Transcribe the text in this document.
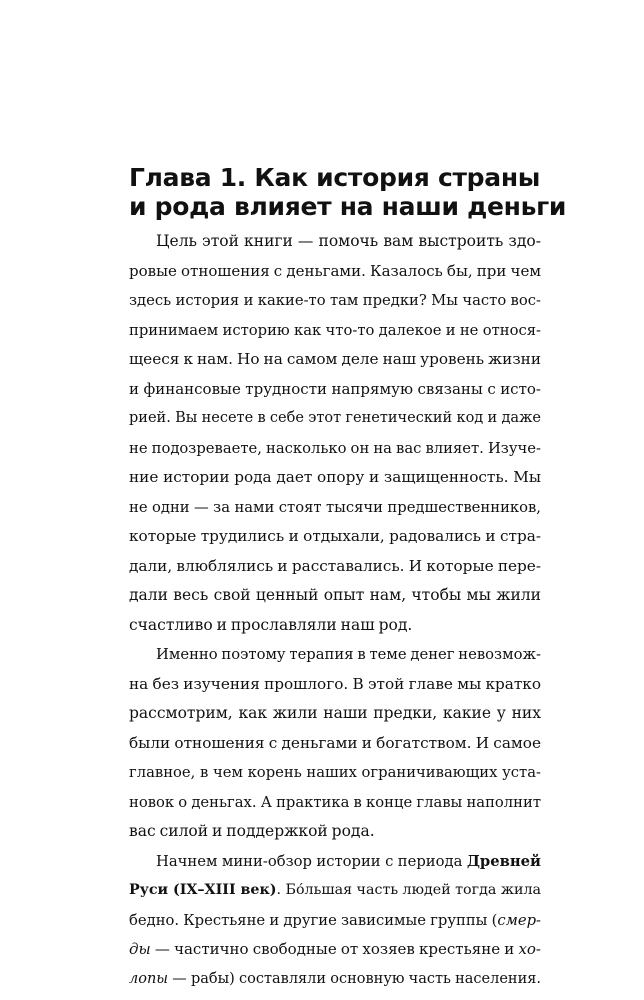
Глава 1. Как история страны
и рода влияет на наши деньги

Цель этой книги — помочь вам выстроить здо-
ровые отношения с деньгами. Казалось бы, при чем
здесь история и какие-то там предки? Мы часто вос-
принимаем историю как что-то далекое и не относя-
щееся к нам. Но на самом деле наш уровень жизни
и финансовые трудности напрямую связаны с исто-
рией. Вы несете в себе этот генетический код и даже
не подозреваете, насколько он на вас влияет. Изуче-
ние истории рода дает опору и защищенность. Мы
не одни — за нами стоят тысячи предшественников,
которые трудились и отдыхали, радовались и стра-
дали, влюблялись и расставались. И которые пере-
дали весь свой ценный опыт нам, чтобы мы жили
счастливо и прославляли наш род.

Именно поэтому терапия в теме денег невозмож-
на без изучения прошлого. В этой главе мы кратко
рассмотрим, как жили наши предки, какие у них
были отношения с деньгами и богатством. И самое
главное, в чем корень наших ограничивающих уста-
новок о деньгах. А практика в конце главы наполнит
вас силой и поддержкой рода.

Начнем мини-обзор истории с периода Древней
Руси (IX–XIII век). Бо́льшая часть людей тогда жила
бедно. Крестьяне и другие зависимые группы (смер-
ды — частично свободные от хозяев крестьяне и хо-
лопы — рабы) составляли основную часть населения.
